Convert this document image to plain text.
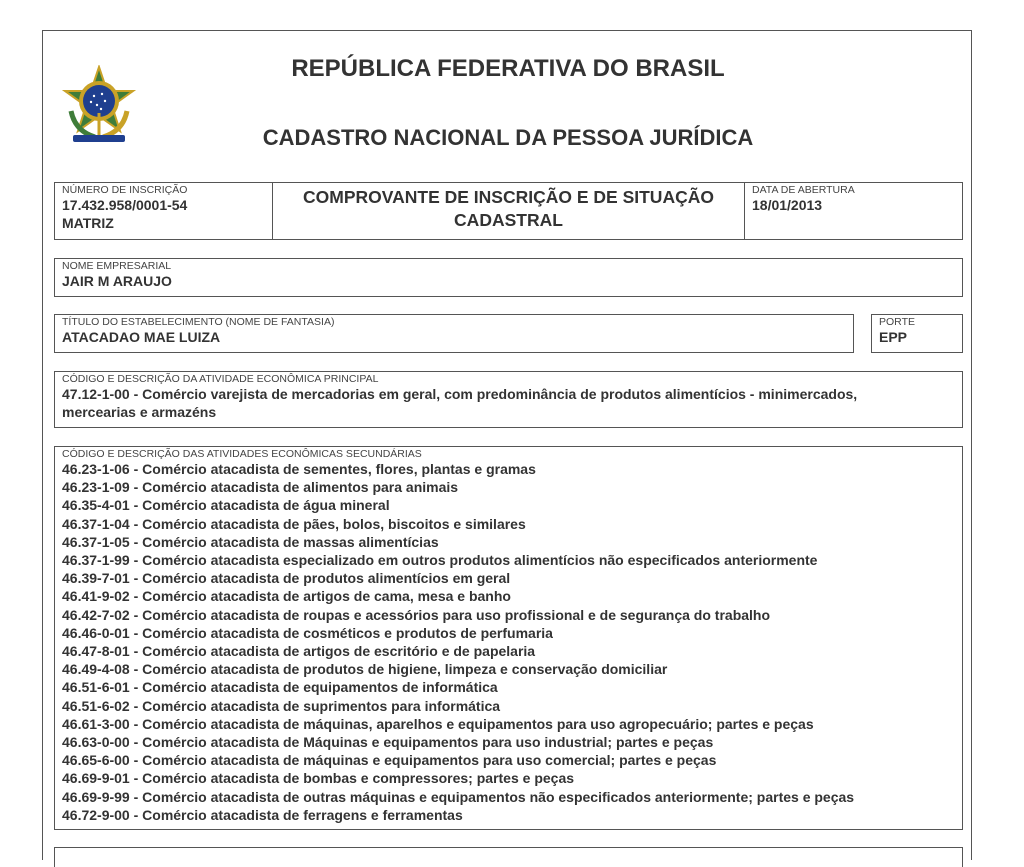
REPÚBLICA FEDERATIVA DO BRASIL
CADASTRO NACIONAL DA PESSOA JURÍDICA
NÚMERO DE INSCRIÇÃO
17.432.958/0001-54
MATRIZ
COMPROVANTE DE INSCRIÇÃO E DE SITUAÇÃO
CADASTRAL
DATA DE ABERTURA
18/01/2013
NOME EMPRESARIAL
JAIR M ARAUJO
TÍTULO DO ESTABELECIMENTO (NOME DE FANTASIA)
ATACADAO MAE LUIZA
PORTE
EPP
CÓDIGO E DESCRIÇÃO DA ATIVIDADE ECONÔMICA PRINCIPAL
47.12-1-00 - Comércio varejista de mercadorias em geral, com predominância de produtos alimentícios - minimercados,
mercearias e armazéns
CÓDIGO E DESCRIÇÃO DAS ATIVIDADES ECONÔMICAS SECUNDÁRIAS
46.23-1-06 - Comércio atacadista de sementes, flores, plantas e gramas
46.23-1-09 - Comércio atacadista de alimentos para animais
46.35-4-01 - Comércio atacadista de água mineral
46.37-1-04 - Comércio atacadista de pães, bolos, biscoitos e similares
46.37-1-05 - Comércio atacadista de massas alimentícias
46.37-1-99 - Comércio atacadista especializado em outros produtos alimentícios não especificados anteriormente
46.39-7-01 - Comércio atacadista de produtos alimentícios em geral
46.41-9-02 - Comércio atacadista de artigos de cama, mesa e banho
46.42-7-02 - Comércio atacadista de roupas e acessórios para uso profissional e de segurança do trabalho
46.46-0-01 - Comércio atacadista de cosméticos e produtos de perfumaria
46.47-8-01 - Comércio atacadista de artigos de escritório e de papelaria
46.49-4-08 - Comércio atacadista de produtos de higiene, limpeza e conservação domiciliar
46.51-6-01 - Comércio atacadista de equipamentos de informática
46.51-6-02 - Comércio atacadista de suprimentos para informática
46.61-3-00 - Comércio atacadista de máquinas, aparelhos e equipamentos para uso agropecuário; partes e peças
46.63-0-00 - Comércio atacadista de Máquinas e equipamentos para uso industrial; partes e peças
46.65-6-00 - Comércio atacadista de máquinas e equipamentos para uso comercial; partes e peças
46.69-9-01 - Comércio atacadista de bombas e compressores; partes e peças
46.69-9-99 - Comércio atacadista de outras máquinas e equipamentos não especificados anteriormente; partes e peças
46.72-9-00 - Comércio atacadista de ferragens e ferramentas
